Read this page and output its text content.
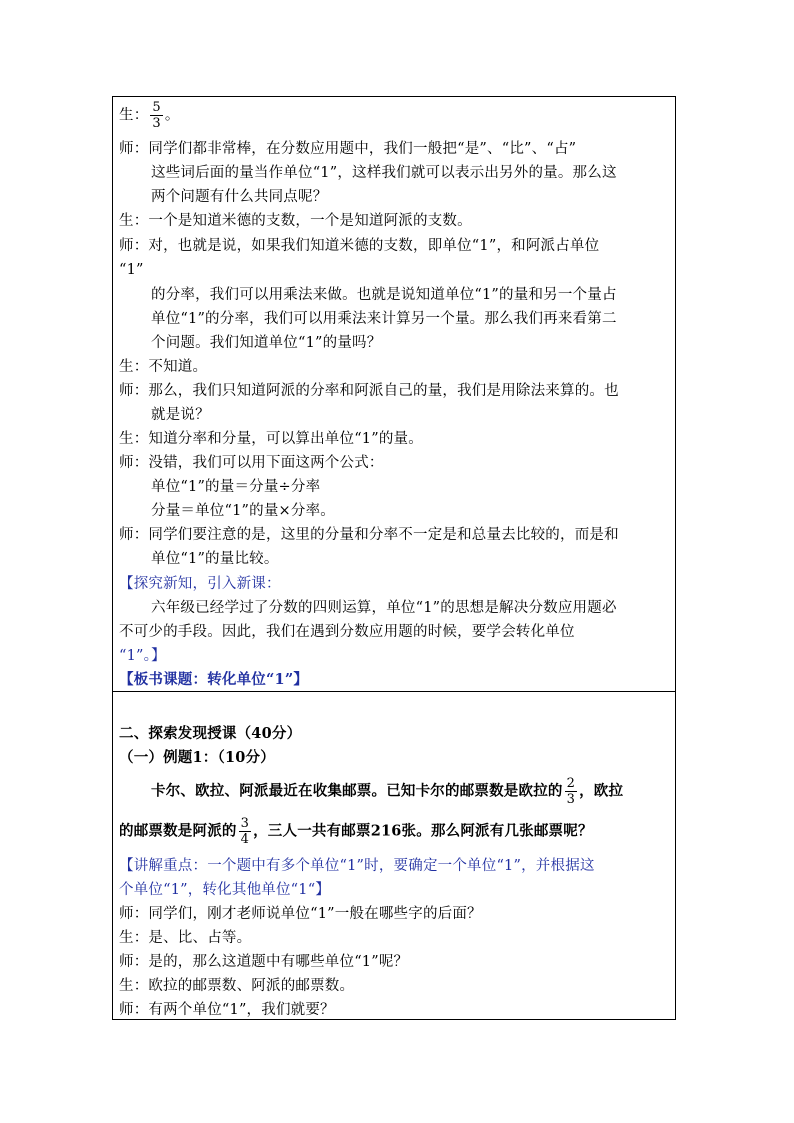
生： $\frac{5}{3}$ 。
师：同学们都非常棒，在分数应用题中，我们一般把“是”、“比”、“占”
这些词后面的量当作单位“1”，这样我们就可以表示出另外的量。那么这
两个问题有什么共同点呢？
生：一个是知道米德的支数，一个是知道阿派的支数。
师：对，也就是说，如果我们知道米德的支数，即单位“1”，和阿派占单位
“1”
的分率，我们可以用乘法来做。也就是说知道单位“1”的量和另一个量占
单位“1”的分率，我们可以用乘法来计算另一个量。那么我们再来看第二
个问题。我们知道单位“1”的量吗？
生：不知道。
师：那么，我们只知道阿派的分率和阿派自己的量，我们是用除法来算的。也
就是说？
生：知道分率和分量，可以算出单位“1”的量。
师：没错，我们可以用下面这两个公式：
单位“1”的量＝分量÷分率
分量＝单位“1”的量×分率。
师：同学们要注意的是，这里的分量和分率不一定是和总量去比较的，而是和
单位“1”的量比较。
【探究新知，引入新课：
六年级已经学过了分数的四则运算，单位“1”的思想是解决分数应用题必
不可少的手段。因此，我们在遇到分数应用题的时候，要学会转化单位
“1”。】
【板书课题：转化单位“1”】
二、探索发现授课（40分）
（一）例题1：（10分）
卡尔、欧拉、阿派最近在收集邮票。已知卡尔的邮票数是欧拉的 $\frac{2}{3}$ ，欧拉
的邮票数是阿派的 $\frac{3}{4}$ ，三人一共有邮票216张。那么阿派有几张邮票呢？
【讲解重点：一个题中有多个单位“1”时，要确定一个单位“1”，并根据这
个单位“1”，转化其他单位“1“】
师：同学们，刚才老师说单位“1”一般在哪些字的后面？
生：是、比、占等。
师：是的，那么这道题中有哪些单位“1”呢？
生：欧拉的邮票数、阿派的邮票数。
师：有两个单位“1”，我们就要？
